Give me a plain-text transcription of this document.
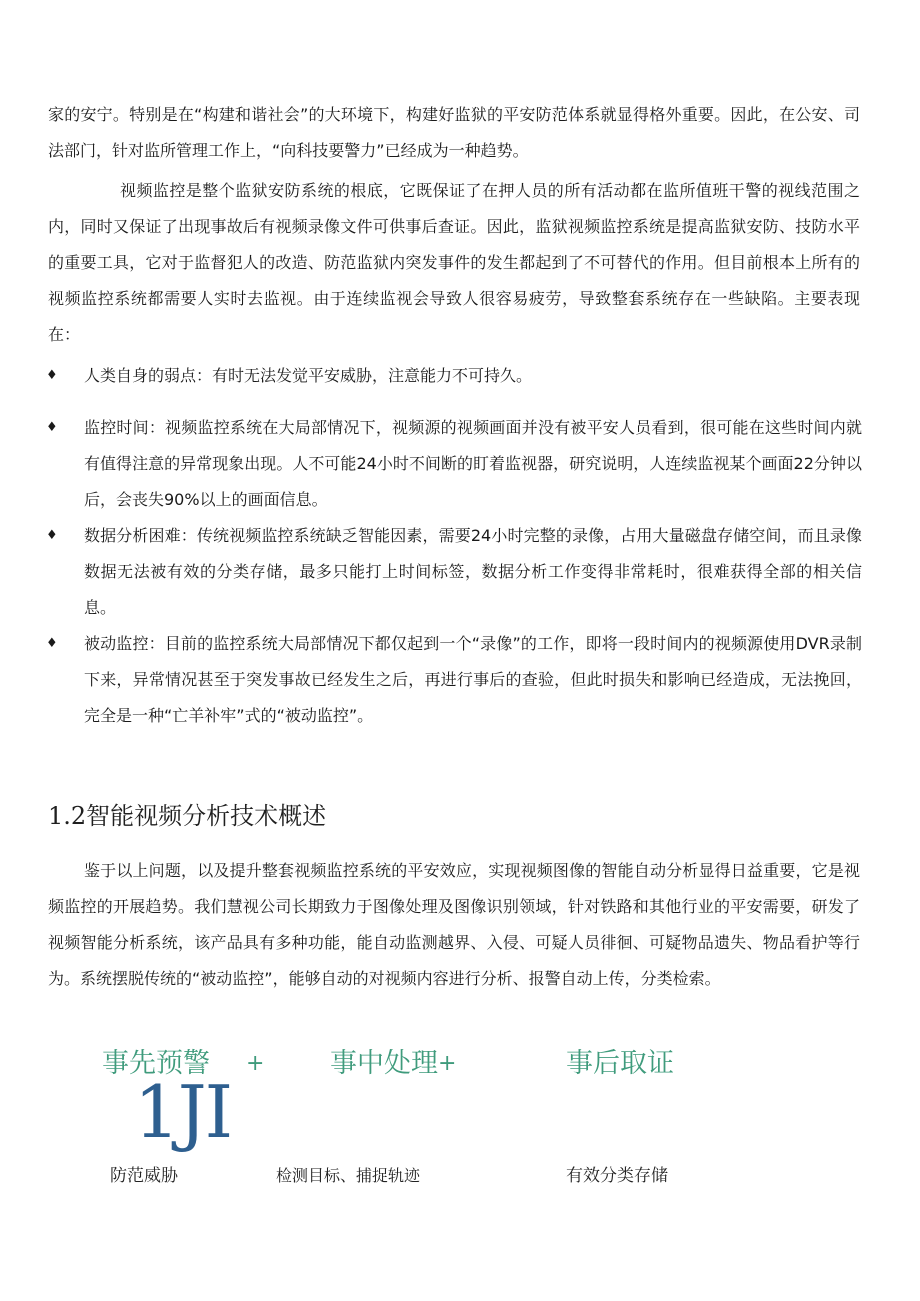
家的安宁。特别是在“构建和谐社会”的大环境下，构建好监狱的平安防范体系就显得格外重要。因此，在公安、司法部门，针对监所管理工作上，“向科技要警力”已经成为一种趋势。

视频监控是整个监狱安防系统的根底，它既保证了在押人员的所有活动都在监所值班干警的视线范围之内，同时又保证了出现事故后有视频录像文件可供事后查证。因此，监狱视频监控系统是提高监狱安防、技防水平的重要工具，它对于监督犯人的改造、防范监狱内突发事件的发生都起到了不可替代的作用。但目前根本上所有的视频监控系统都需要人实时去监视。由于连续监视会导致人很容易疲劳，导致整套系统存在一些缺陷。主要表现在：

♦ 人类自身的弱点：有时无法发觉平安威胁，注意能力不可持久。
♦ 监控时间：视频监控系统在大局部情况下，视频源的视频画面并没有被平安人员看到，很可能在这些时间内就有值得注意的异常现象出现。人不可能24小时不间断的盯着监视器，研究说明，人连续监视某个画面22分钟以后，会丧失90%以上的画面信息。
♦ 数据分析困难：传统视频监控系统缺乏智能因素，需要24小时完整的录像，占用大量磁盘存储空间，而且录像数据无法被有效的分类存储，最多只能打上时间标签，数据分析工作变得非常耗时，很难获得全部的相关信息。
♦ 被动监控：目前的监控系统大局部情况下都仅起到一个“录像”的工作，即将一段时间内的视频源使用DVR录制下来，异常情况甚至于突发事故已经发生之后，再进行事后的查验，但此时损失和影响已经造成，无法挽回，完全是一种“亡羊补牢”式的“被动监控”。
1.2智能视频分析技术概述

鉴于以上问题，以及提升整套视频监控系统的平安效应，实现视频图像的智能自动分析显得日益重要，它是视频监控的开展趋势。我们慧视公司长期致力于图像处理及图像识别领域，针对铁路和其他行业的平安需要，研发了视频智能分析系统，该产品具有多种功能，能自动监测越界、入侵、可疑人员徘徊、可疑物品遗失、物品看护等行为。系统摆脱传统的“被动监控”，能够自动的对视频内容进行分析、报警自动上传，分类检索。

事先预警 + 事中处理 +	事后取证
1JI
防范威胁	检测目标、捕捉轨迹	有效分类存储
